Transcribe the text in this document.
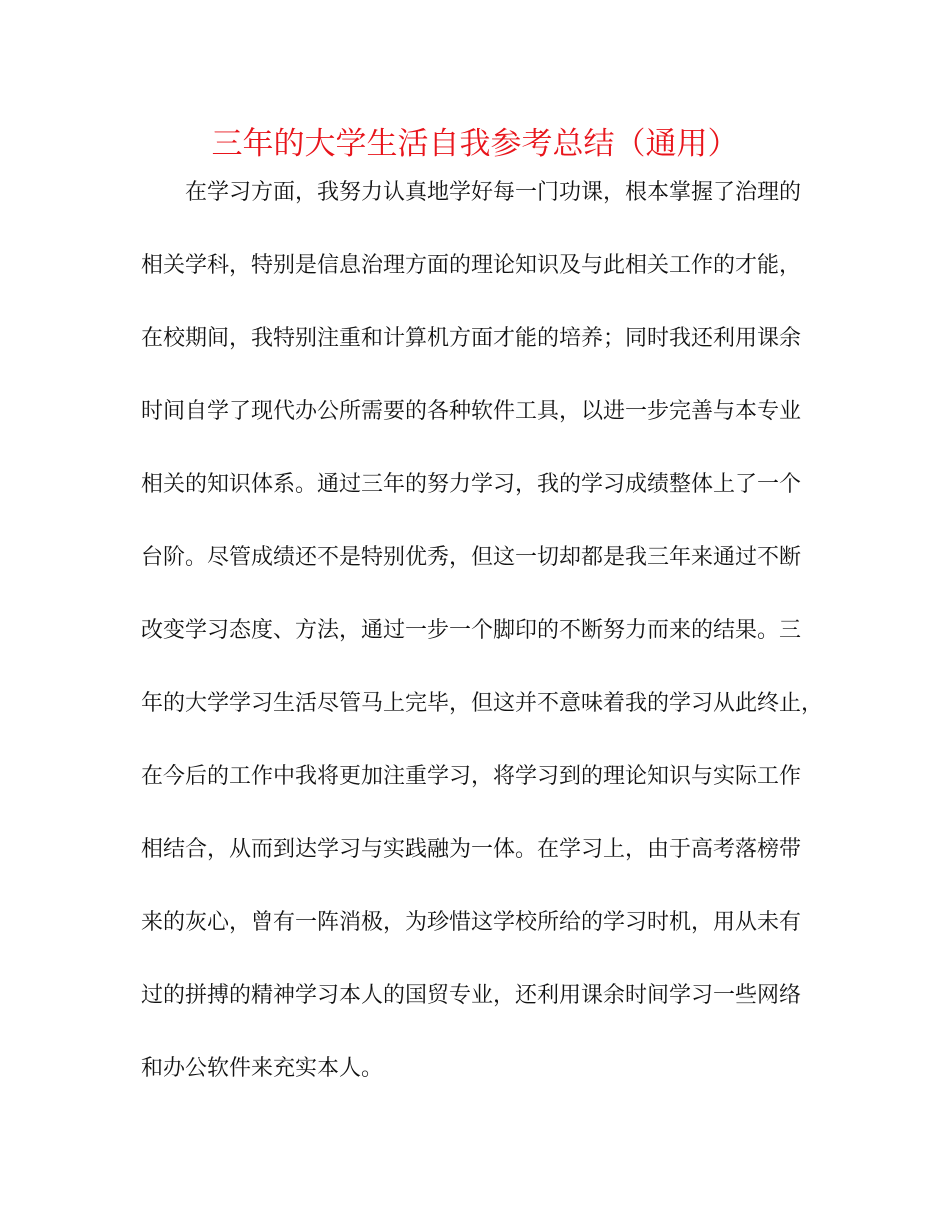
三年的大学生活自我参考总结（通用）

在学习方面，我努力认真地学好每一门功课，根本掌握了治理的

相关学科，特别是信息治理方面的理论知识及与此相关工作的才能，

在校期间，我特别注重和计算机方面才能的培养；同时我还利用课余

时间自学了现代办公所需要的各种软件工具，以进一步完善与本专业

相关的知识体系。通过三年的努力学习，我的学习成绩整体上了一个

台阶。尽管成绩还不是特别优秀，但这一切却都是我三年来通过不断

改变学习态度、方法，通过一步一个脚印的不断努力而来的结果。三

年的大学学习生活尽管马上完毕，但这并不意味着我的学习从此终止，

在今后的工作中我将更加注重学习，将学习到的理论知识与实际工作

相结合，从而到达学习与实践融为一体。在学习上，由于高考落榜带

来的灰心，曾有一阵消极，为珍惜这学校所给的学习时机，用从未有

过的拼搏的精神学习本人的国贸专业，还利用课余时间学习一些网络

和办公软件来充实本人。
